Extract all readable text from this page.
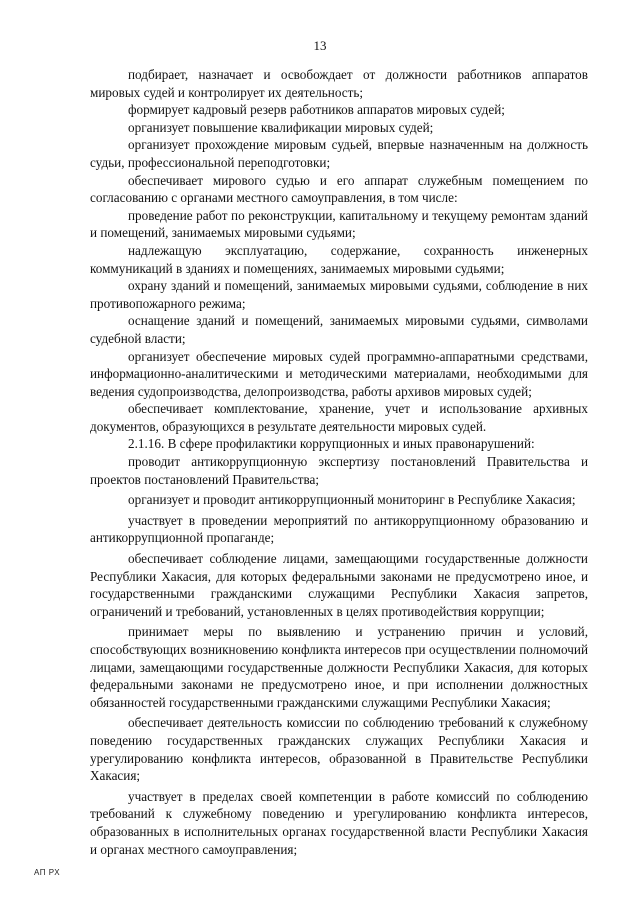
13

подбирает, назначает и освобождает от должности работников аппаратов мировых судей и контролирует их деятельность;

формирует кадровый резерв работников аппаратов мировых судей;

организует повышение квалификации мировых судей;

организует прохождение мировым судьей, впервые назначенным на должность судьи, профессиональной переподготовки;

обеспечивает мирового судью и его аппарат служебным помещением по согласованию с органами местного самоуправления, в том числе:

проведение работ по реконструкции, капитальному и текущему ремонтам зданий и помещений, занимаемых мировыми судьями;

надлежащую эксплуатацию, содержание, сохранность инженерных коммуникаций в зданиях и помещениях, занимаемых мировыми судьями;

охрану зданий и помещений, занимаемых мировыми судьями, соблюдение в них противопожарного режима;

оснащение зданий и помещений, занимаемых мировыми судьями, символами судебной власти;

организует обеспечение мировых судей программно-аппаратными средствами, информационно-аналитическими и методическими материалами, необходимыми для ведения судопроизводства, делопроизводства, работы архивов мировых судей;

обеспечивает комплектование, хранение, учет и использование архивных документов, образующихся в результате деятельности мировых судей.

2.1.16. В сфере профилактики коррупционных и иных правонарушений:

проводит антикоррупционную экспертизу постановлений Правительства и проектов постановлений Правительства;

организует и проводит антикоррупционный мониторинг в Республике Хакасия;

участвует в проведении мероприятий по антикоррупционному образованию и антикоррупционной пропаганде;

обеспечивает соблюдение лицами, замещающими государственные должности Республики Хакасия, для которых федеральными законами не предусмотрено иное, и государственными гражданскими служащими Республики Хакасия запретов, ограничений и требований, установленных в целях противодействия коррупции;

принимает меры по выявлению и устранению причин и условий, способствующих возникновению конфликта интересов при осуществлении полномочий лицами, замещающими государственные должности Республики Хакасия, для которых федеральными законами не предусмотрено иное, и при исполнении должностных обязанностей государственными гражданскими служащими Республики Хакасия;

обеспечивает деятельность комиссии по соблюдению требований к служебному поведению государственных гражданских служащих Республики Хакасия и урегулированию конфликта интересов, образованной в Правительстве Республики Хакасия;

участвует в пределах своей компетенции в работе комиссий по соблюдению требований к служебному поведению и урегулированию конфликта интересов, образованных в исполнительных органах государственной власти Республики Хакасия и органах местного самоуправления;

АП РХ
